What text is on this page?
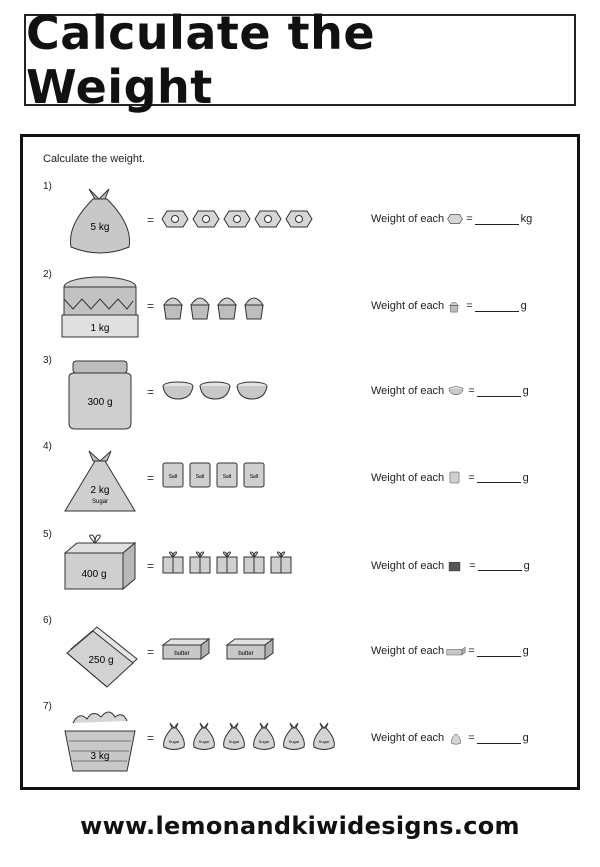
Calculate the Weight
Calculate the weight.
1)
5 kg
=	Weight of each =	kg
2)
1 kg
=	Weight of each =	g
3)
300 g
=	Weight of each =	g
4)
2 kg
Sugar
=	Salt	Salt	Salt	Salt	Weight of each =	g
5)
400 g
=	Weight of each =	g
6)
250 g
=	butter	butter	Weight of each =	g
7)
3 kg
=	Sugar	Sugar	Sugar	Sugar	Sugar	Sugar	Weight of each =	g
www.lemonandkiwidesigns.com
